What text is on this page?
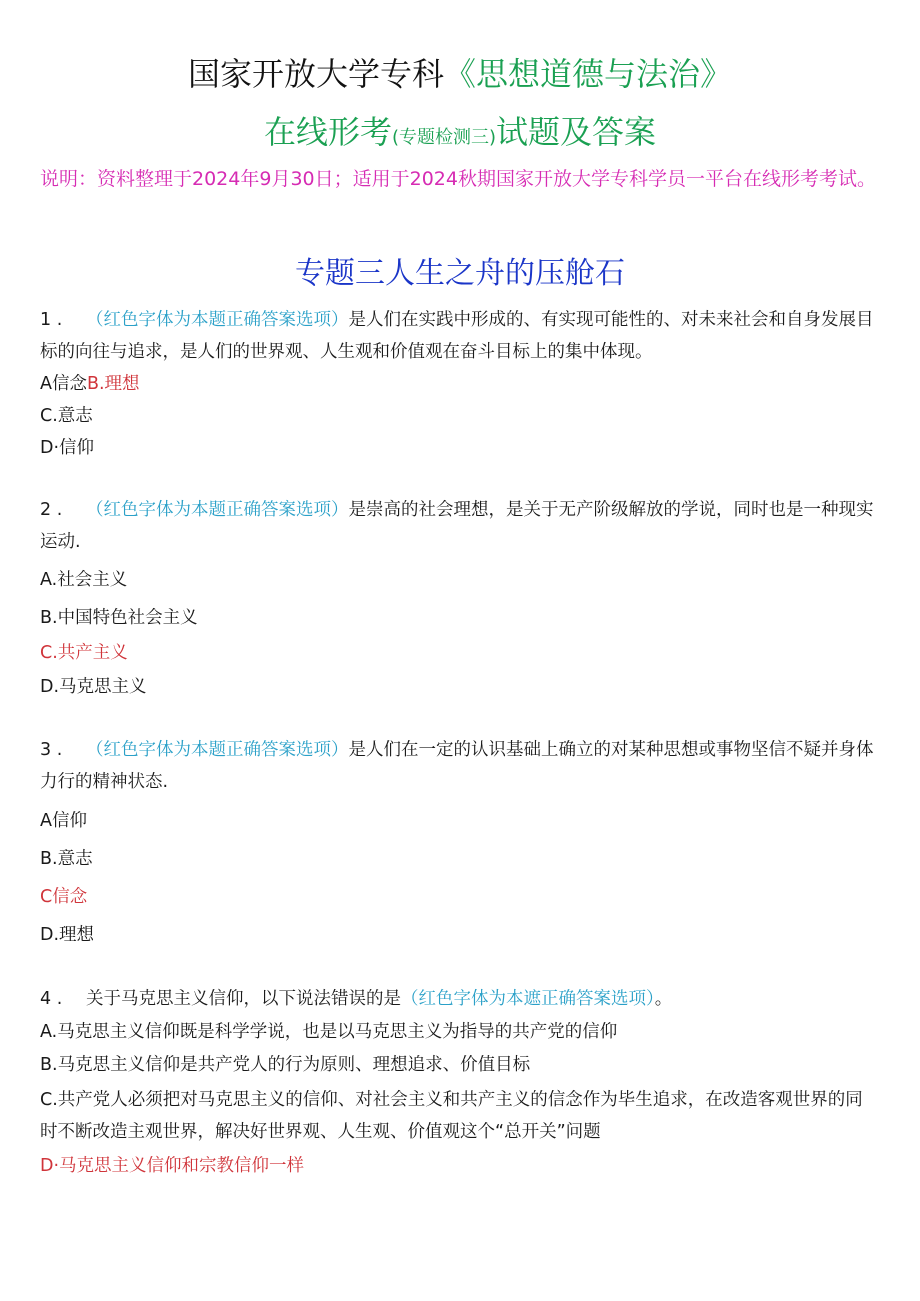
国家开放大学专科《思想道德与法治》
在线形考(专题检测三)试题及答案
说明：资料整理于2024年9月30日；适用于2024秋期国家开放大学专科学员一平台在线形考考试。
专题三人生之舟的压舱石
1 . （红色字体为本题正确答案选项）是人们在实践中形成的、有实现可能性的、对未来社会和自身发展目标的向往与追求，是人们的世界观、人生观和价值观在奋斗目标上的集中体现。
A信念B.理想
C.意志
D·信仰
2 . （红色字体为本题正确答案选项）是崇高的社会理想，是关于无产阶级解放的学说，同时也是一种现实运动.
A.社会主义
B.中国特色社会主义
C.共产主义
D.马克思主义
3 . （红色字体为本题正确答案选项）是人们在一定的认识基础上确立的对某种思想或事物坚信不疑并身体力行的精神状态.
A信仰
B.意志
C信念
D.理想
4 . 关于马克思主义信仰，以下说法错误的是（红色字体为本遮正确答案选项）。
A.马克思主义信仰既是科学学说，也是以马克思主义为指导的共产党的信仰
B.马克思主义信仰是共产党人的行为原则、理想追求、价值目标
C.共产党人必须把对马克思主义的信仰、对社会主义和共产主义的信念作为毕生追求，在改造客观世界的同时不断改造主观世界，解决好世界观、人生观、价值观这个“总开关”问题
D·马克思主义信仰和宗教信仰一样
